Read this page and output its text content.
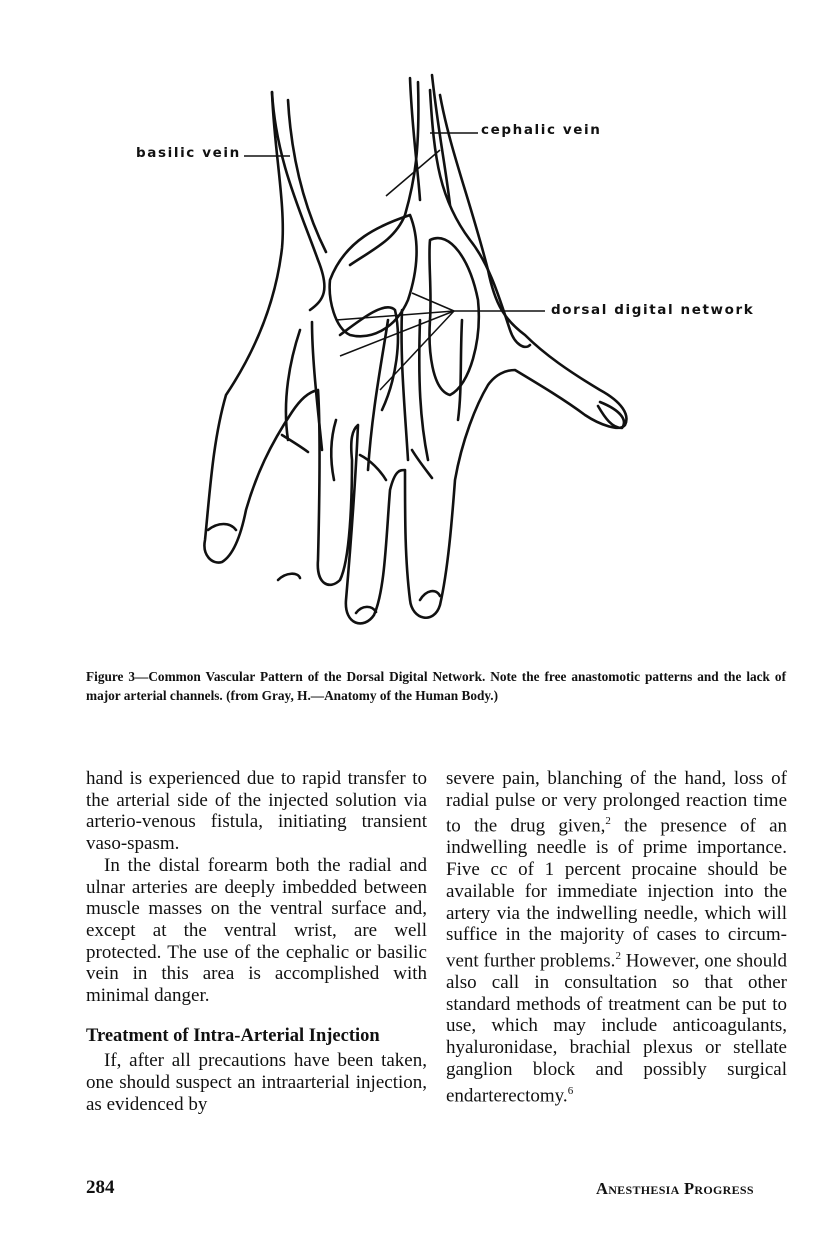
basilic vein
cephalic vein
dorsal digital network
Figure 3—Common Vascular Pattern of the Dorsal Digital Network. Note the free anastomotic patterns and the lack of major arterial channels. (from Gray, H.—Anatomy of the Human Body.)

hand is experienced due to rapid transfer to the arterial side of the injected solution via arterio-venous fistula, initiating transient vaso-spasm.

In the distal forearm both the radial and ulnar arteries are deeply imbedded between muscle masses on the ventral surface and, except at the ventral wrist, are well protected. The use of the cephalic or basilic vein in this area is accomplished with minimal danger.

Treatment of Intra-Arterial Injection

If, after all precautions have been taken, one should suspect an intraarterial injection, as evidenced by

severe pain, blanching of the hand, loss of radial pulse or very prolonged reaction time to the drug given,$^2$ the presence of an indwelling needle is of prime importance. Five cc of 1 percent procaine should be available for immediate injection into the artery via the indwelling needle, which will suffice in the majority of cases to circumvent further problems.$^2$ However, one should also call in consultation so that other standard methods of treatment can be put to use, which may include anticoagulants, hyaluronidase, brachial plexus or stellate ganglion block and possibly surgical endarterectomy.$^6$

284	Anesthesia Progress
